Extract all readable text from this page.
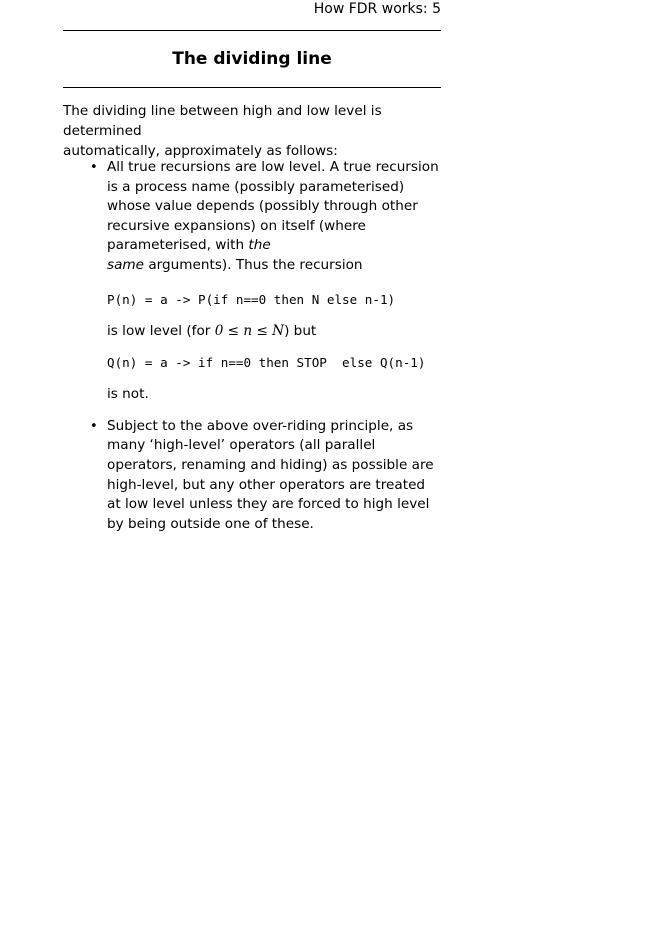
How FDR works: 5
The dividing line
The dividing line between high and low level is determined
automatically, approximately as follows:
• All true recursions are low level. A true recursion is a process name (possibly parameterised) whose value depends (possibly through other recursive expansions) on itself (where parameterised, with the
same arguments). Thus the recursion

P(n) = a -> P(if n==0 then N else n-1)

is low level (for 0 ≤ n ≤ N) but

Q(n) = a -> if n==0 then STOP  else Q(n-1)

is not.

• Subject to the above over-riding principle, as many ‘high-level’ operators (all parallel operators, renaming and hiding) as possible are high-level, but any other operators are treated at low level unless they are forced to high level by being outside one of these.
